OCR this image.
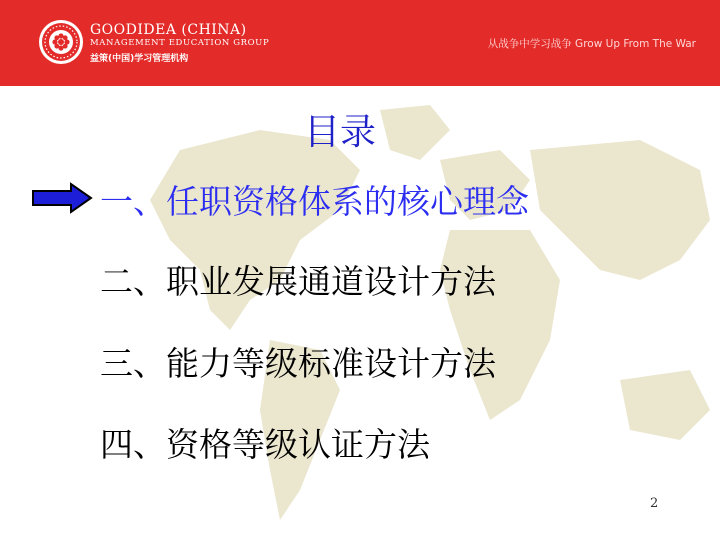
GOODIDEA (CHINA)
MANAGEMENT EDUCATION GROUP
益策(中国)学习管理机构
从战争中学习战争 Grow Up From The War
目录
一、任职资格体系的核心理念
二、职业发展通道设计方法
三、能力等级标准设计方法
四、资格等级认证方法
2
